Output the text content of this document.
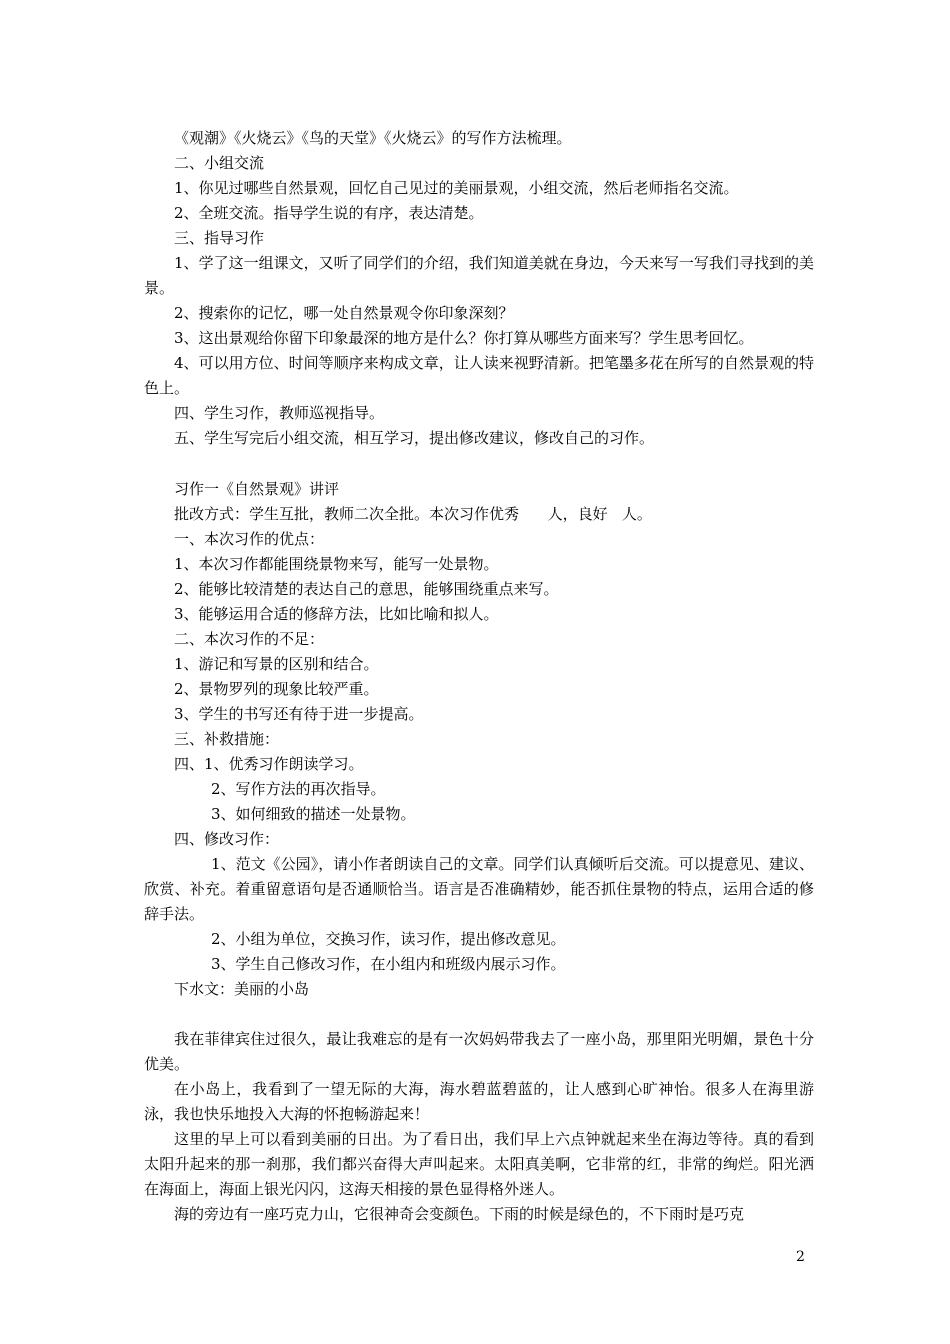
《观潮》《火烧云》《鸟的天堂》《火烧云》的写作方法梳理。

二、小组交流

1、你见过哪些自然景观，回忆自己见过的美丽景观，小组交流，然后老师指名交流。

2、全班交流。指导学生说的有序，表达清楚。

三、指导习作

1、学了这一组课文，又听了同学们的介绍，我们知道美就在身边，今天来写一写我们寻找到的美景。

2、搜索你的记忆，哪一处自然景观令你印象深刻？

3、这出景观给你留下印象最深的地方是什么？你打算从哪些方面来写？学生思考回忆。

4、可以用方位、时间等顺序来构成文章，让人读来视野清新。把笔墨多花在所写的自然景观的特色上。

四、学生习作，教师巡视指导。

五、学生写完后小组交流，相互学习，提出修改建议，修改自己的习作。

习作一《自然景观》讲评

批改方式：学生互批，教师二次全批。本次习作优秀      人，良好   人。

一、本次习作的优点：

1、本次习作都能围绕景物来写，能写一处景物。

2、能够比较清楚的表达自己的意思，能够围绕重点来写。

3、能够运用合适的修辞方法，比如比喻和拟人。

二、本次习作的不足：

1、游记和写景的区别和结合。

2、景物罗列的现象比较严重。

3、学生的书写还有待于进一步提高。

三、补救措施：

四、1、优秀习作朗读学习。

2、写作方法的再次指导。

3、如何细致的描述一处景物。

四、修改习作：

1、范文《公园》，请小作者朗读自己的文章。同学们认真倾听后交流。可以提意见、建议、欣赏、补充。着重留意语句是否通顺恰当。语言是否准确精妙，能否抓住景物的特点，运用合适的修辞手法。

2、小组为单位，交换习作，读习作，提出修改意见。

3、学生自己修改习作，在小组内和班级内展示习作。

下水文：美丽的小岛

我在菲律宾住过很久，最让我难忘的是有一次妈妈带我去了一座小岛，那里阳光明媚，景色十分优美。

在小岛上，我看到了一望无际的大海，海水碧蓝碧蓝的，让人感到心旷神怡。很多人在海里游泳，我也快乐地投入大海的怀抱畅游起来！

这里的早上可以看到美丽的日出。为了看日出，我们早上六点钟就起来坐在海边等待。真的看到太阳升起来的那一刹那，我们都兴奋得大声叫起来。太阳真美啊，它非常的红，非常的绚烂。阳光洒在海面上，海面上银光闪闪，这海天相接的景色显得格外迷人。

海的旁边有一座巧克力山，它很神奇会变颜色。下雨的时候是绿色的，不下雨时是巧克

2
